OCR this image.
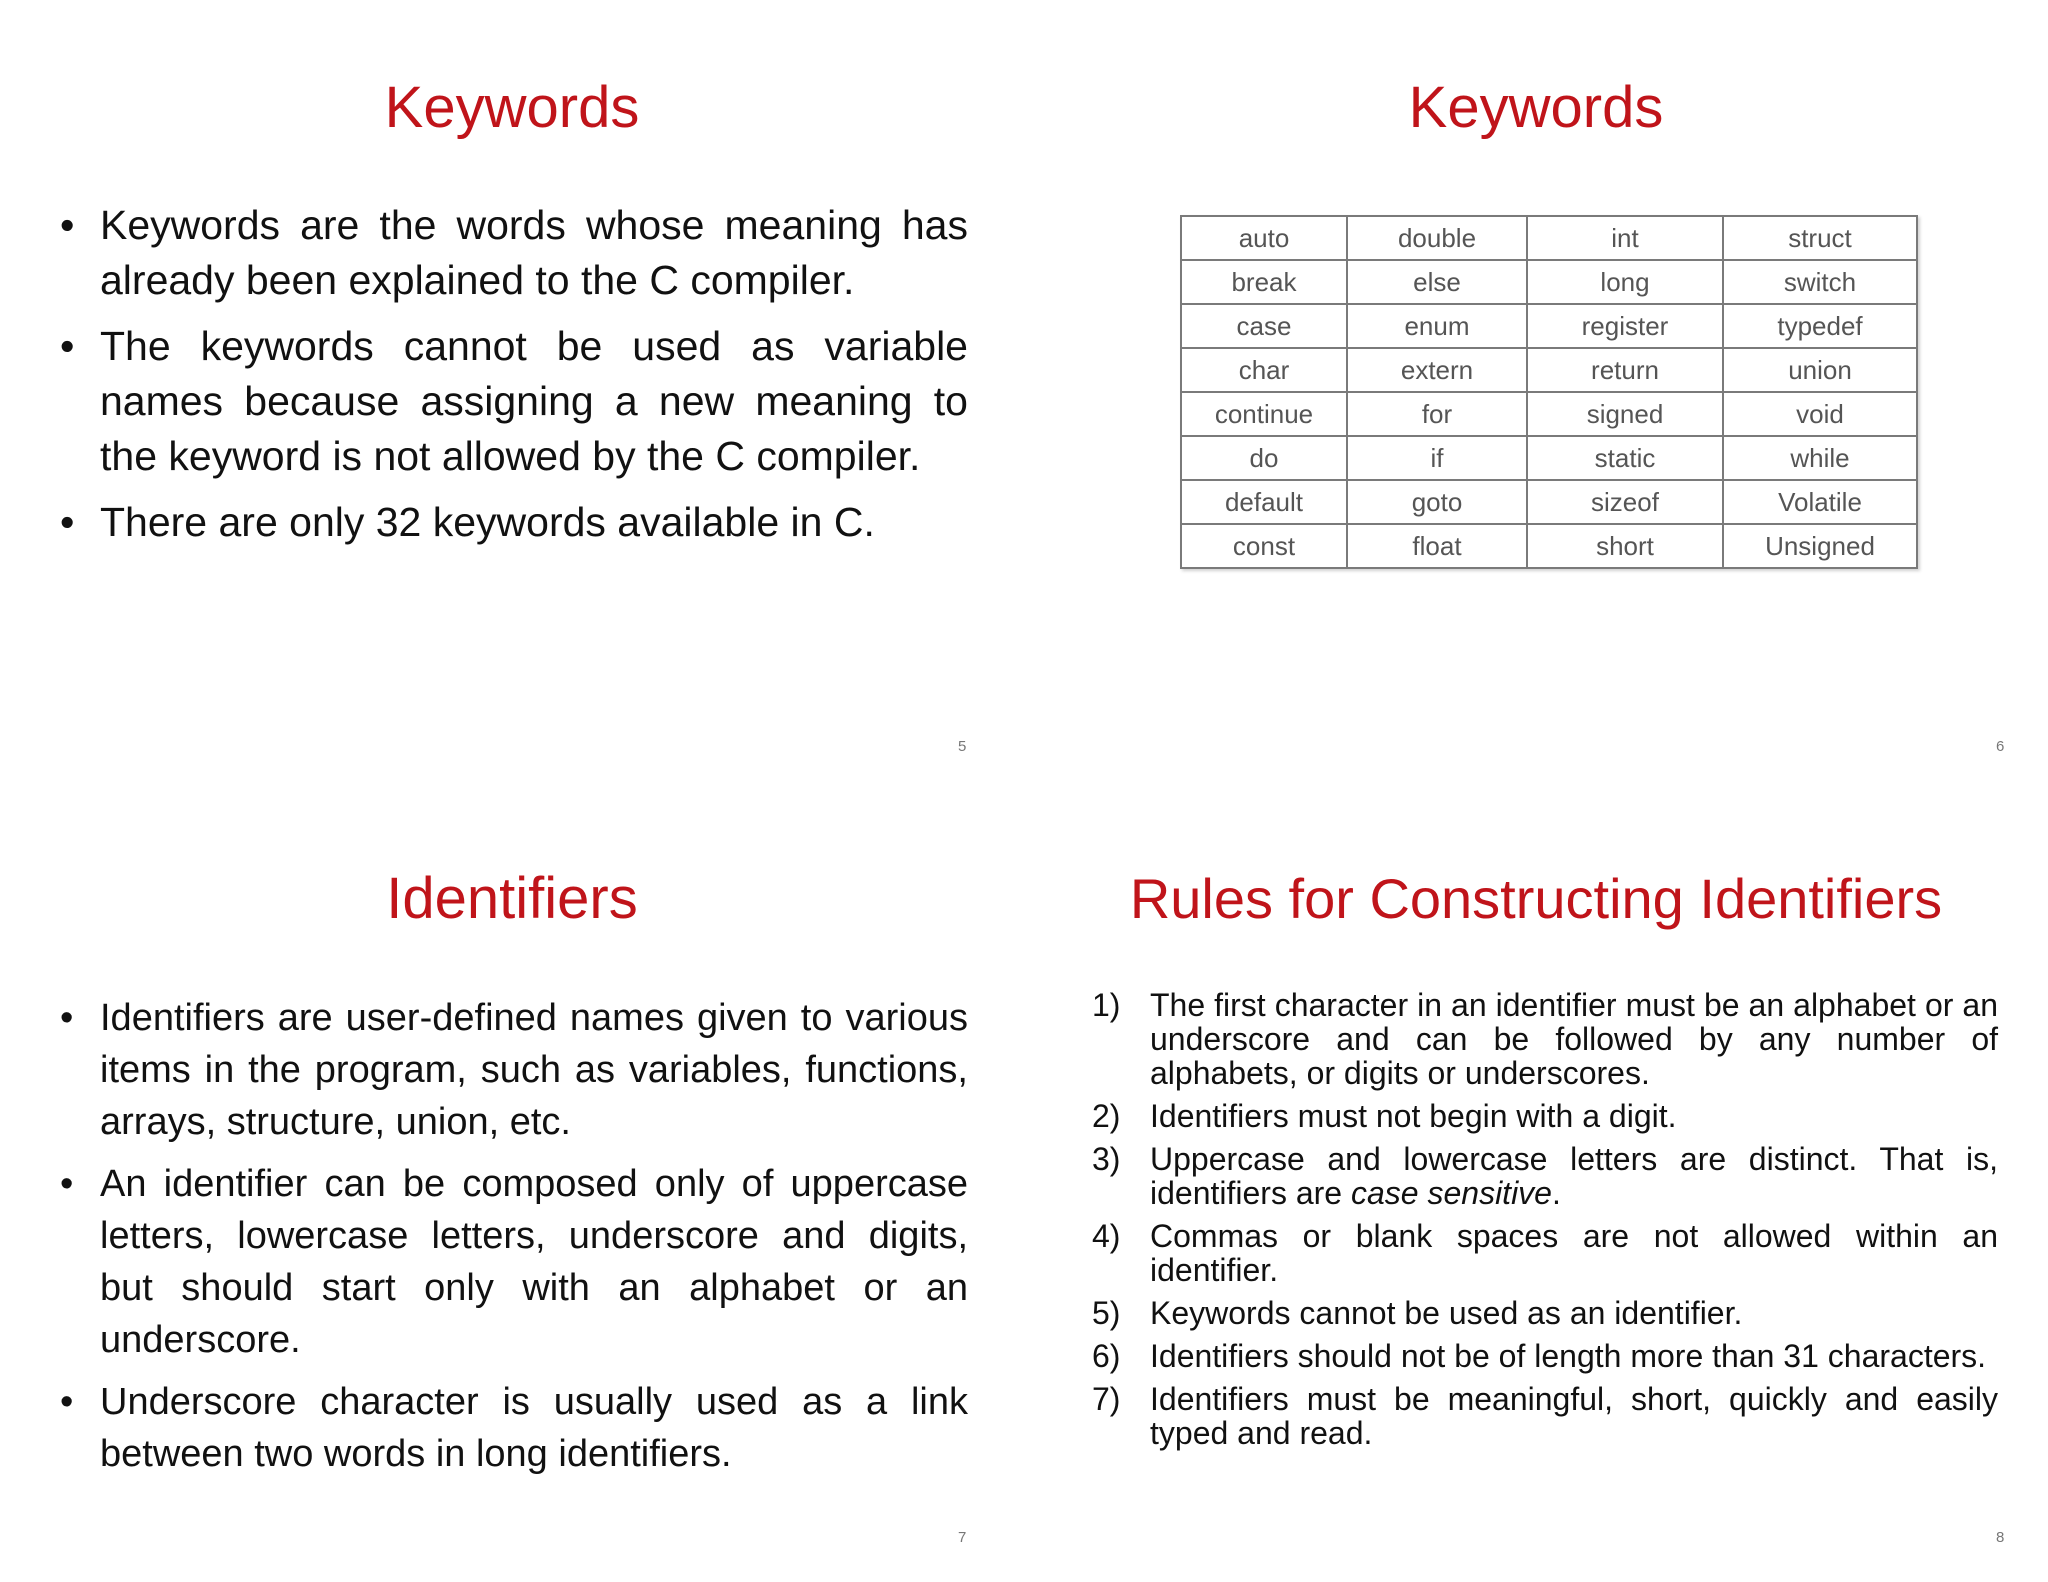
Keywords
• Keywords are the words whose meaning has already been explained to the C compiler.
• The keywords cannot be used as variable names because assigning a new meaning to the keyword is not allowed by the C compiler.
• There are only 32 keywords available in C.
5
Keywords
auto	double	int	struct
break	else	long	switch
case	enum	register	typedef
char	extern	return	union
continue	for	signed	void
do	if	static	while
default	goto	sizeof	Volatile
const	float	short	Unsigned
6
Identifiers
• Identifiers are user-defined names given to various items in the program, such as variables, functions, arrays, structure, union, etc.
• An identifier can be composed only of uppercase letters, lowercase letters, underscore and digits, but should start only with an alphabet or an underscore.
• Underscore character is usually used as a link between two words in long identifiers.
7
Rules for Constructing Identifiers
1) The first character in an identifier must be an alphabet or an underscore and can be followed by any number of alphabets, or digits or underscores.
2) Identifiers must not begin with a digit.
3) Uppercase and lowercase letters are distinct. That is, identifiers are case sensitive.
4) Commas or blank spaces are not allowed within an identifier.
5) Keywords cannot be used as an identifier.
6) Identifiers should not be of length more than 31 characters.
7) Identifiers must be meaningful, short, quickly and easily typed and read.
8
